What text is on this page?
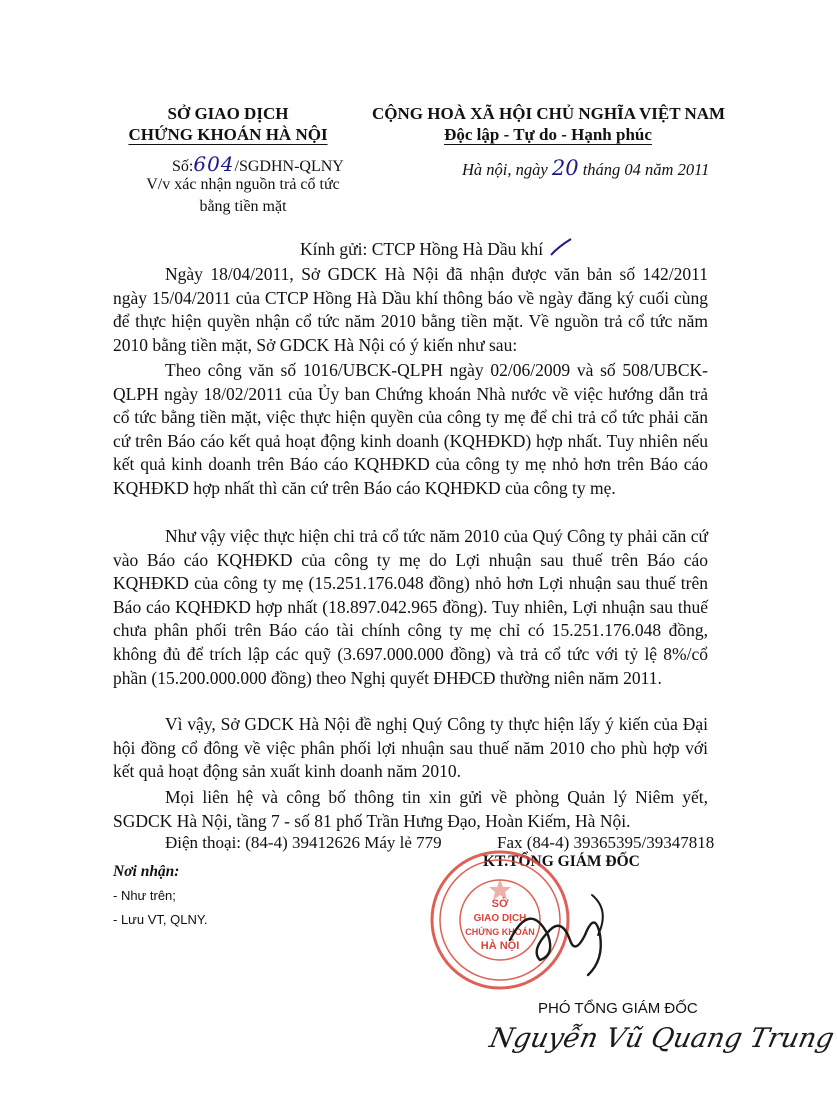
SỞ GIAO DỊCH
CHỨNG KHOÁN HÀ NỘI
Số:604/SGDHN-QLNY
V/v xác nhận nguồn trả cổ tức
bằng tiền mặt
CỘNG HOÀ XÃ HỘI CHỦ NGHĨA VIỆT NAM
Độc lập - Tự do - Hạnh phúc
Hà nội, ngày 20 tháng 04 năm 2011
Kính gửi: CTCP Hồng Hà Dầu khí
Ngày 18/04/2011, Sở GDCK Hà Nội đã nhận được văn bản số 142/2011 ngày 15/04/2011 của CTCP Hồng Hà Dầu khí thông báo về ngày đăng ký cuối cùng để thực hiện quyền nhận cổ tức năm 2010 bằng tiền mặt. Về nguồn trả cổ tức năm 2010 bằng tiền mặt, Sở GDCK Hà Nội có ý kiến như sau:
Theo công văn số 1016/UBCK-QLPH ngày 02/06/2009 và số 508/UBCK-QLPH ngày 18/02/2011 của Ủy ban Chứng khoán Nhà nước về việc hướng dẫn trả cổ tức bằng tiền mặt, việc thực hiện quyền của công ty mẹ để chi trả cổ tức phải căn cứ trên Báo cáo kết quả hoạt động kinh doanh (KQHĐKD) hợp nhất. Tuy nhiên nếu kết quả kinh doanh trên Báo cáo KQHĐKD của công ty mẹ nhỏ hơn trên Báo cáo KQHĐKD hợp nhất thì căn cứ trên Báo cáo KQHĐKD của công ty mẹ.
Như vậy việc thực hiện chi trả cổ tức năm 2010 của Quý Công ty phải căn cứ vào Báo cáo KQHĐKD của công ty mẹ do Lợi nhuận sau thuế trên Báo cáo KQHĐKD của công ty mẹ (15.251.176.048 đồng) nhỏ hơn Lợi nhuận sau thuế trên Báo cáo KQHĐKD hợp nhất (18.897.042.965 đồng). Tuy nhiên, Lợi nhuận sau thuế chưa phân phối trên Báo cáo tài chính công ty mẹ chỉ có 15.251.176.048 đồng, không đủ để trích lập các quỹ (3.697.000.000 đồng) và trả cổ tức với tỷ lệ 8%/cổ phần (15.200.000.000 đồng) theo Nghị quyết ĐHĐCĐ thường niên năm 2011.
Vì vậy, Sở GDCK Hà Nội đề nghị Quý Công ty thực hiện lấy ý kiến của Đại hội đồng cổ đông về việc phân phối lợi nhuận sau thuế năm 2010 cho phù hợp với kết quả hoạt động sản xuất kinh doanh năm 2010.
Mọi liên hệ và công bố thông tin xin gửi về phòng Quản lý Niêm yết, SGDCK Hà Nội, tầng 7 - số 81 phố Trần Hưng Đạo, Hoàn Kiếm, Hà Nội.
Điện thoại: (84-4) 39412626 Máy lẻ 779	Fax (84-4) 39365395/39347818
Nơi nhận:
- Như trên;
- Lưu VT, QLNY.
KT.TỔNG GIÁM ĐỐC
SỞ
GIAO DỊCH
CHỨNG KHOÁN
HÀ NỘI
PHÓ TỔNG GIÁM ĐỐC
Nguyễn Vũ Quang Trung
